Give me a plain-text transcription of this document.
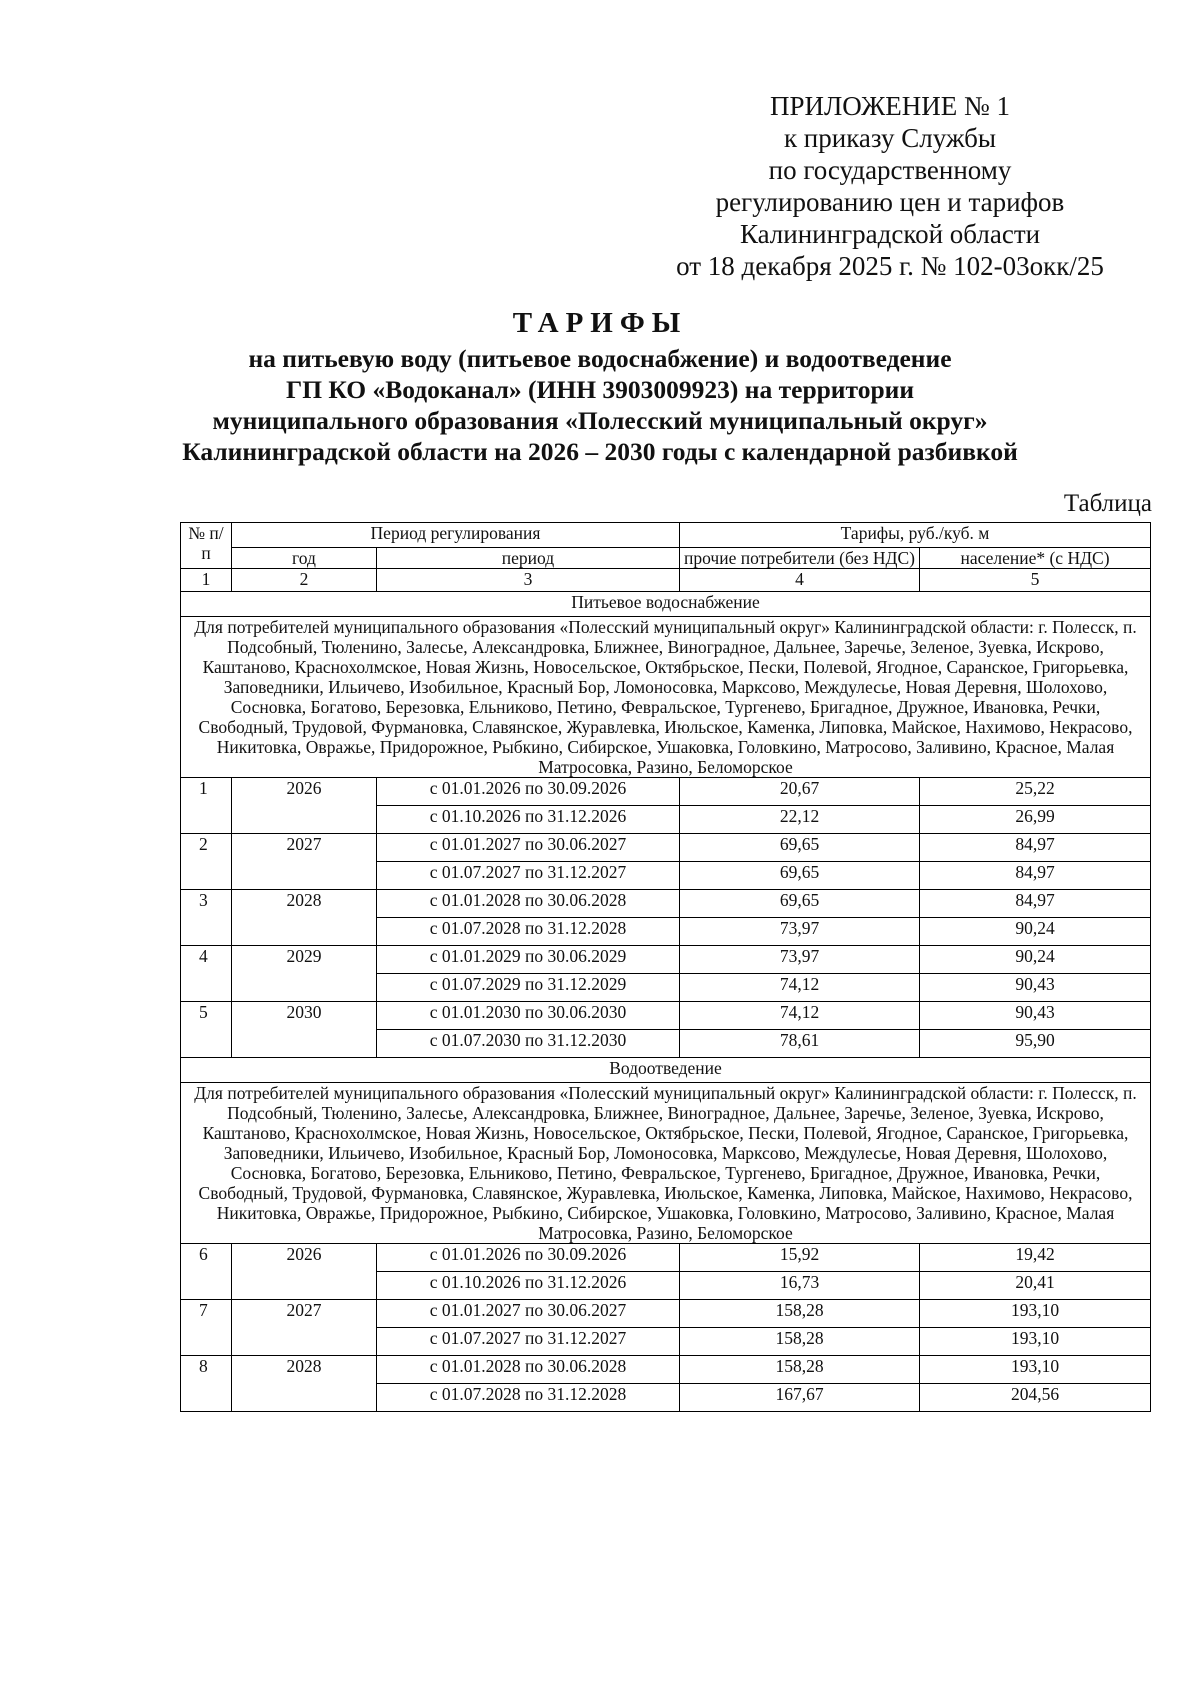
ПРИЛОЖЕНИЕ № 1
к приказу Службы
по государственному
регулированию цен и тарифов
Калининградской области
от 18 декабря 2025 г. № 102-03окк/25
ТАРИФЫ
на питьевую воду (питьевое водоснабжение) и водоотведение
ГП КО «Водоканал» (ИНН 3903009923) на территории
муниципального образования «Полесский муниципальный округ»
Калининградской области на 2026 – 2030 годы с календарной разбивкой
Таблица
№ п/п	Период регулирования		Тарифы, руб./куб. м	
	год	период	прочие потребители (без НДС)	население* (с НДС)
1	2	3	4	5
Питьевое водоснабжение				
Для потребителей муниципального образования «Полесский муниципальный округ» Калининградской области: г. Полесск, п. Подсобный, Тюленино, Залесье, Александровка, Ближнее, Виноградное, Дальнее, Заречье, Зеленое, Зуевка, Искрово, Каштаново, Краснохолмское, Новая Жизнь, Новосельское, Октябрьское, Пески, Полевой, Ягодное, Саранское, Григорьевка, Заповедники, Ильичево, Изобильное, Красный Бор, Ломоносовка, Марксово, Междулесье, Новая Деревня, Шолохово, Сосновка, Богатово, Березовка, Ельниково, Петино, Февральское, Тургенево, Бригадное, Дружное, Ивановка, Речки, Свободный, Трудовой, Фурмановка, Славянское, Журавлевка, Июльское, Каменка, Липовка, Майское, Нахимово, Некрасово, Никитовка, Овражье, Придорожное, Рыбкино, Сибирское, Ушаковка, Головкино, Матросово, Заливино, Красное, Малая Матросовка, Разино, Беломорское				
1	2026	с 01.01.2026 по 30.09.2026	20,67	25,22
		с 01.10.2026 по 31.12.2026	22,12	26,99
2	2027	с 01.01.2027 по 30.06.2027	69,65	84,97
		с 01.07.2027 по 31.12.2027	69,65	84,97
3	2028	с 01.01.2028 по 30.06.2028	69,65	84,97
		с 01.07.2028 по 31.12.2028	73,97	90,24
4	2029	с 01.01.2029 по 30.06.2029	73,97	90,24
		с 01.07.2029 по 31.12.2029	74,12	90,43
5	2030	с 01.01.2030 по 30.06.2030	74,12	90,43
		с 01.07.2030 по 31.12.2030	78,61	95,90
Водоотведение				
Для потребителей муниципального образования «Полесский муниципальный округ» Калининградской области: г. Полесск, п. Подсобный, Тюленино, Залесье, Александровка, Ближнее, Виноградное, Дальнее, Заречье, Зеленое, Зуевка, Искрово, Каштаново, Краснохолмское, Новая Жизнь, Новосельское, Октябрьское, Пески, Полевой, Ягодное, Саранское, Григорьевка, Заповедники, Ильичево, Изобильное, Красный Бор, Ломоносовка, Марксово, Междулесье, Новая Деревня, Шолохово, Сосновка, Богатово, Березовка, Ельниково, Петино, Февральское, Тургенево, Бригадное, Дружное, Ивановка, Речки, Свободный, Трудовой, Фурмановка, Славянское, Журавлевка, Июльское, Каменка, Липовка, Майское, Нахимово, Некрасово, Никитовка, Овражье, Придорожное, Рыбкино, Сибирское, Ушаковка, Головкино, Матросово, Заливино, Красное, Малая Матросовка, Разино, Беломорское				
6	2026	с 01.01.2026 по 30.09.2026	15,92	19,42
		с 01.10.2026 по 31.12.2026	16,73	20,41
7	2027	с 01.01.2027 по 30.06.2027	158,28	193,10
		с 01.07.2027 по 31.12.2027	158,28	193,10
8	2028	с 01.01.2028 по 30.06.2028	158,28	193,10
		с 01.07.2028 по 31.12.2028	167,67	204,56
